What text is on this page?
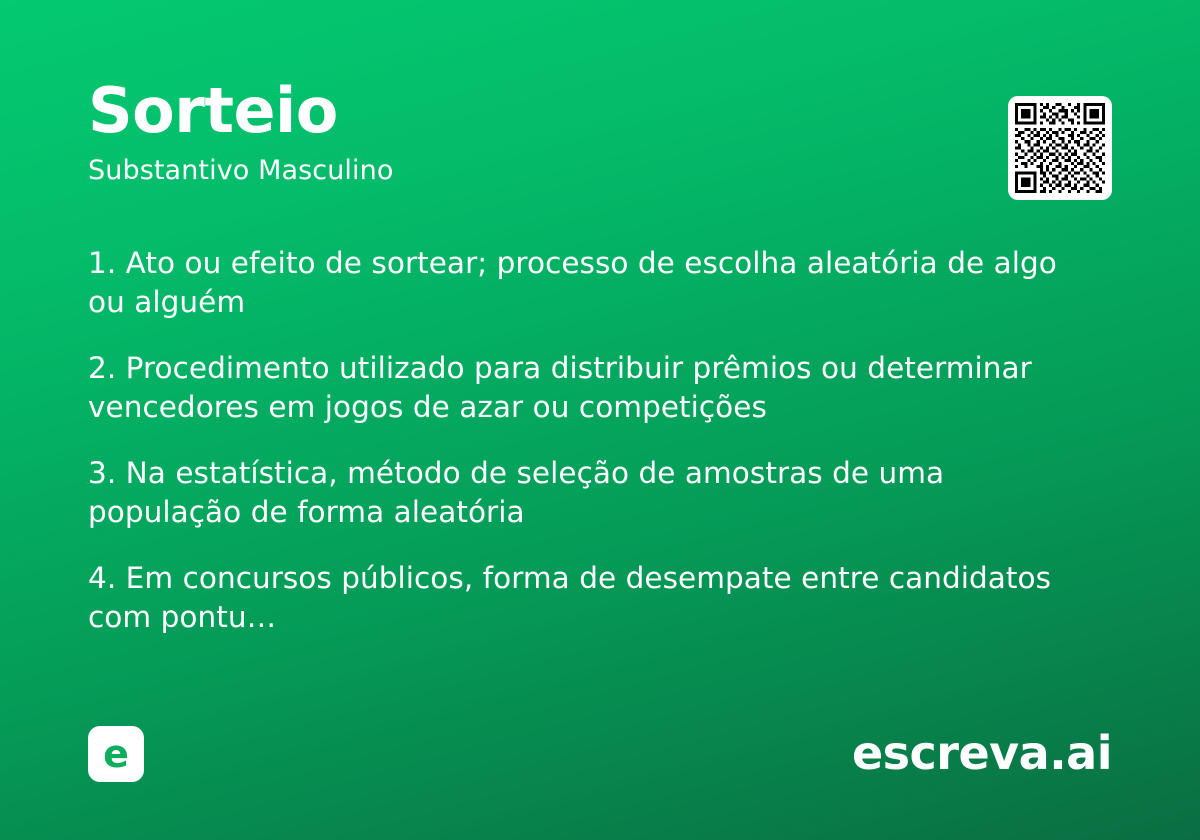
Sorteio
Substantivo Masculino
1. Ato ou efeito de sortear; processo de escolha aleatória de algo ou alguém
2. Procedimento utilizado para distribuir prêmios ou determinar vencedores em jogos de azar ou competições
3. Na estatística, método de seleção de amostras de uma população de forma aleatória
4. Em concursos públicos, forma de desempate entre candidatos com pontu…
e	escreva.ai
